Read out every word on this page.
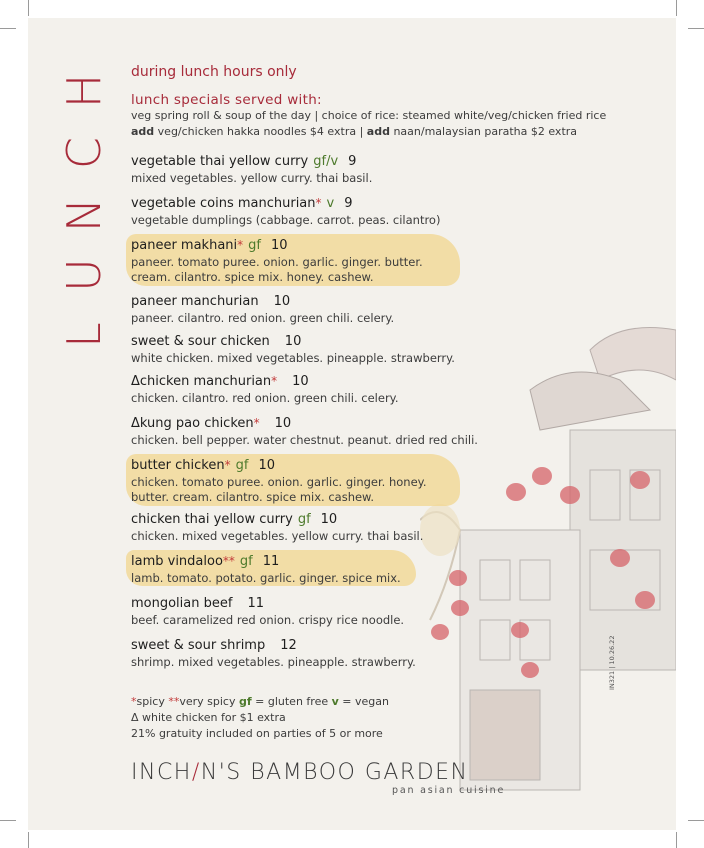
L
U
N
C
H
during lunch hours only
lunch specials served with:
veg spring roll & soup of the day | choice of rice: steamed white/veg/chicken fried rice
add veg/chicken hakka noodles $4 extra | add naan/malaysian paratha $2 extra
vegetable thai yellow curry gf/v 9
mixed vegetables. yellow curry. thai basil.
vegetable coins manchurian* v 9
vegetable dumplings (cabbage. carrot. peas. cilantro)
paneer makhani* gf 10
paneer. tomato puree. onion. garlic. ginger. butter.
cream. cilantro. spice mix. honey. cashew.
paneer manchurian 10
paneer. cilantro. red onion. green chili. celery.
sweet & sour chicken 10
white chicken. mixed vegetables. pineapple. strawberry.
Δchicken manchurian* 10
chicken. cilantro. red onion. green chili. celery.
Δkung pao chicken* 10
chicken. bell pepper. water chestnut. peanut. dried red chili.
butter chicken* gf 10
chicken. tomato puree. onion. garlic. ginger. honey.
butter. cream. cilantro. spice mix. cashew.
chicken thai yellow curry gf 10
chicken. mixed vegetables. yellow curry. thai basil.
lamb vindaloo** gf 11
lamb. tomato. potato. garlic. ginger. spice mix.
mongolian beef 11
beef. caramelized red onion. crispy rice noodle.
sweet & sour shrimp 12
shrimp. mixed vegetables. pineapple. strawberry.
*spicy **very spicy gf = gluten free v = vegan
Δ white chicken for $1 extra
21% gratuity included on parties of 5 or more
INCH/N'S BAMBOO GARDEN
pan asian cuisine
IN321 | 10.26.22
